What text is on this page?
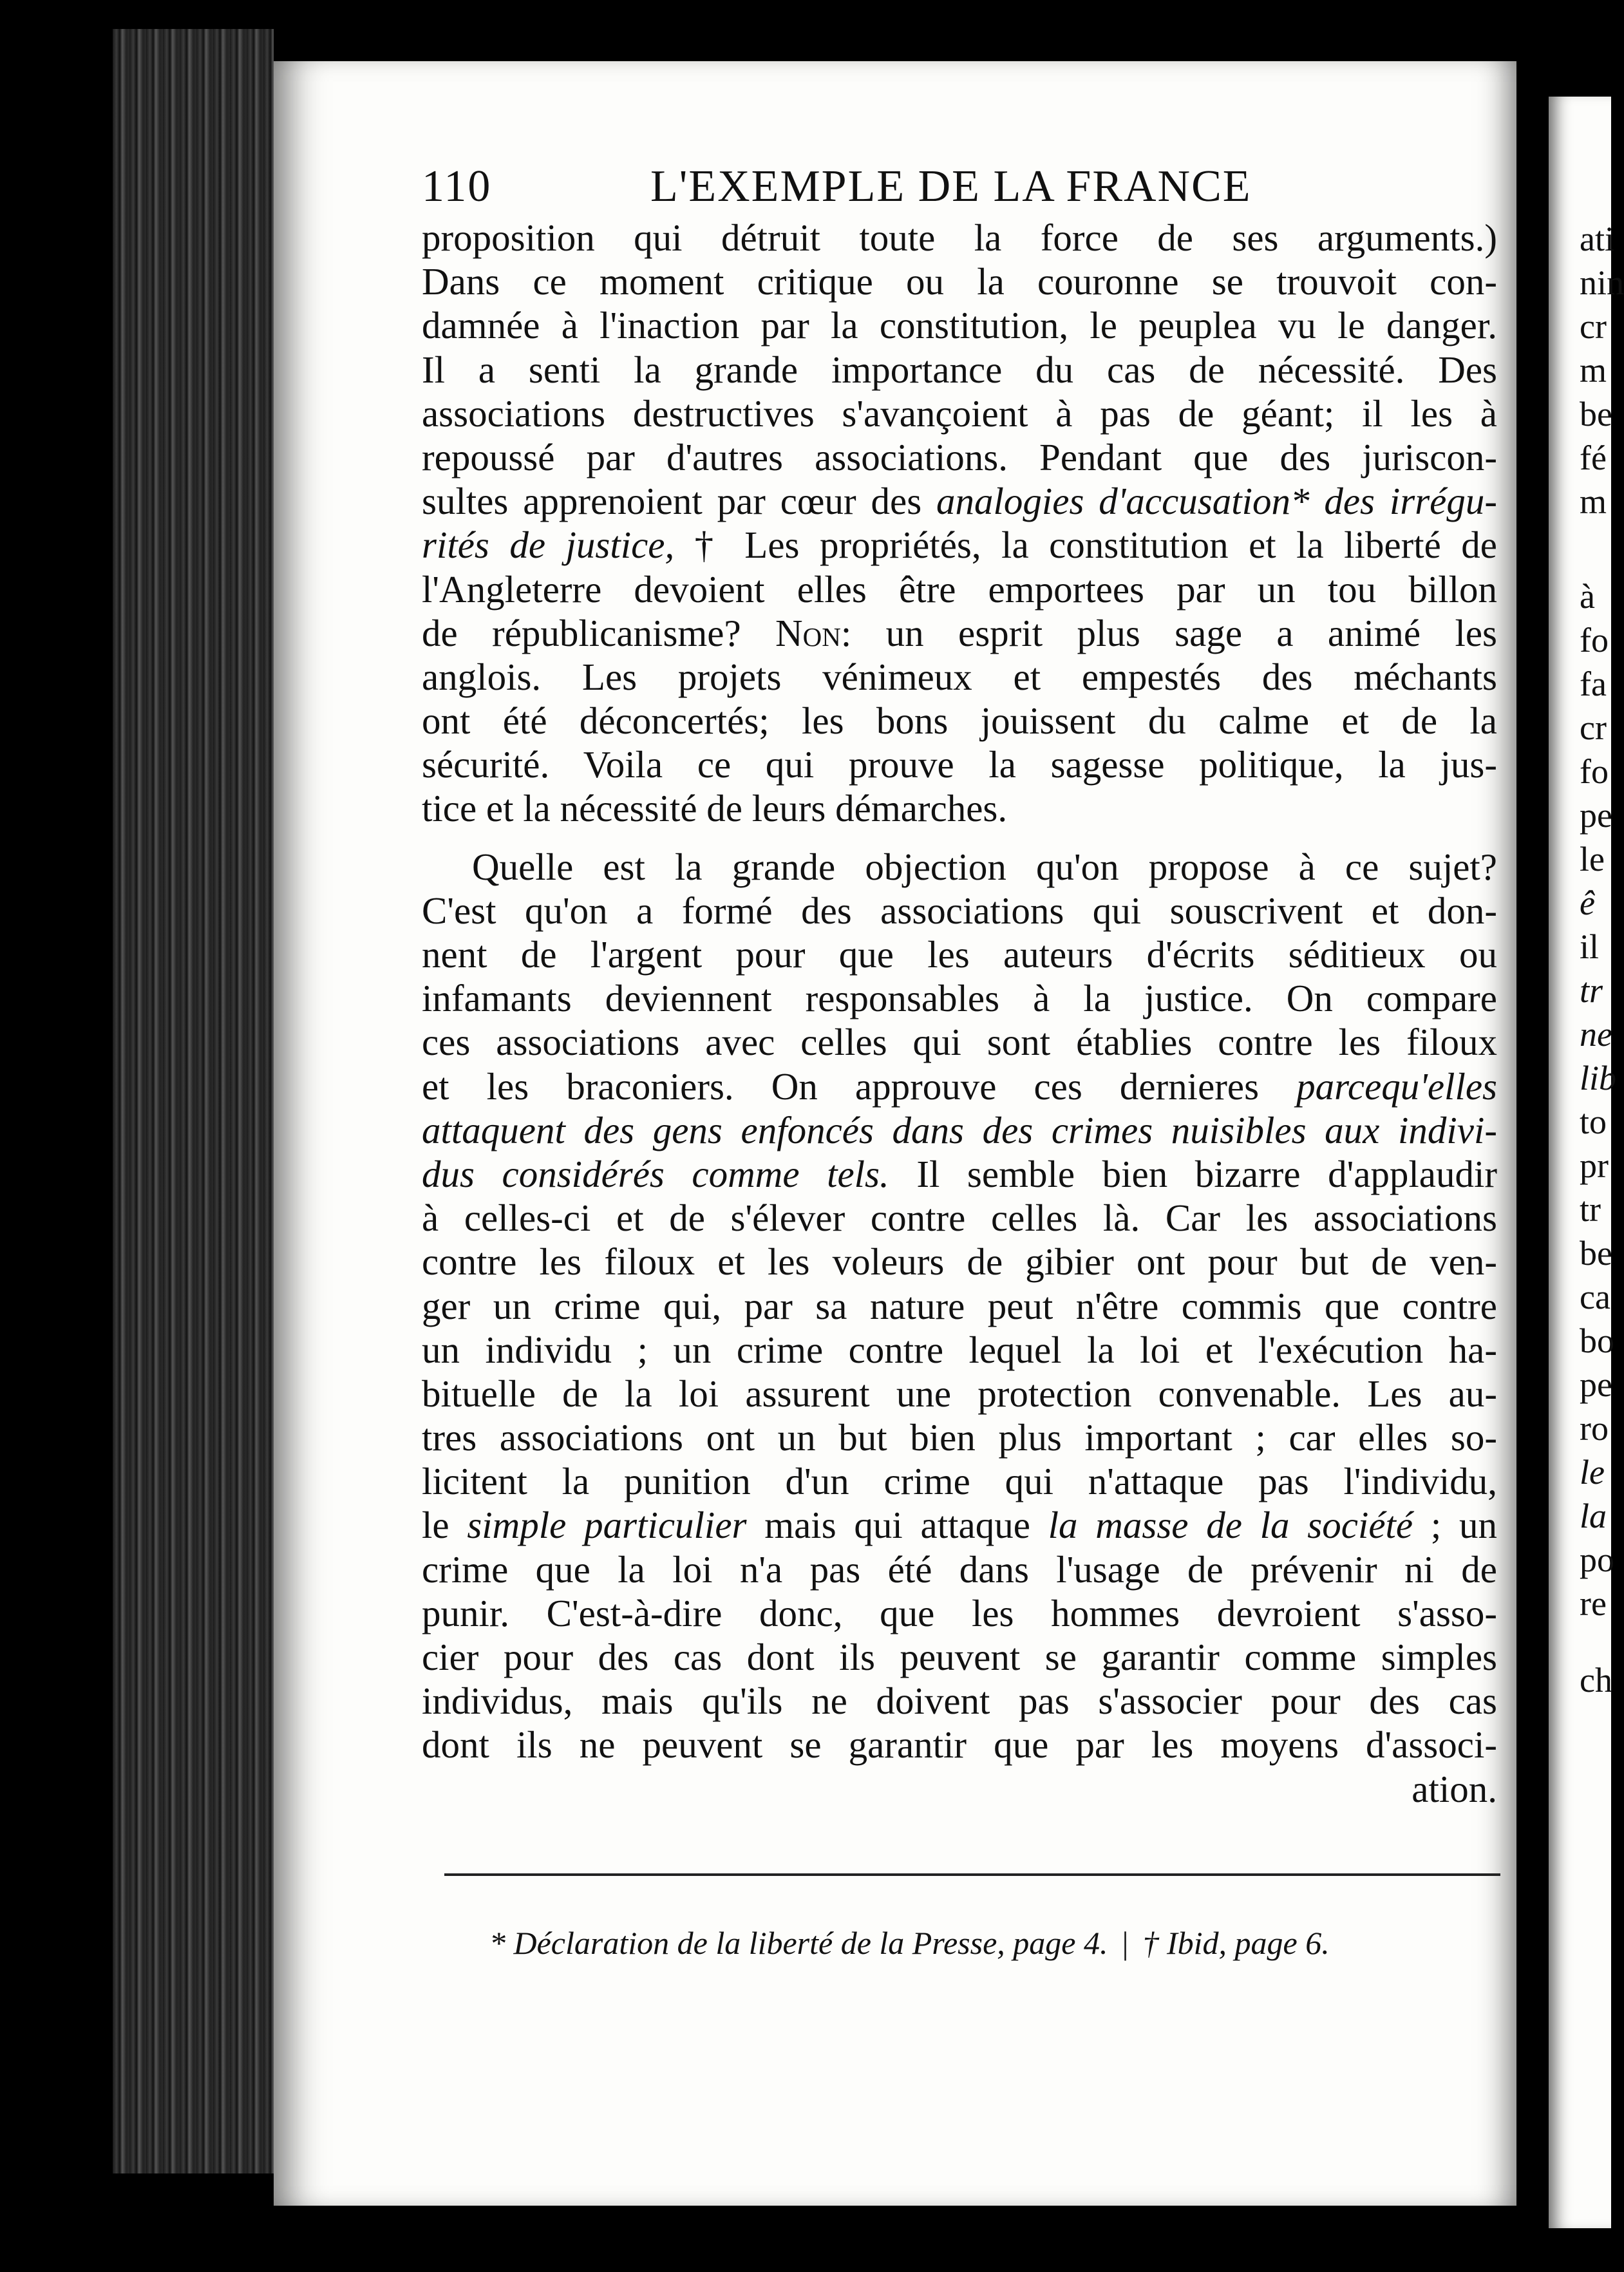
ati
nin
cr
m
be
fé
m
à
fo
fa
cr
fo
pe
le
ê
il
tr
ne
lib
to
pr
tr
be
ca
bo
pe
ro
le
la
po
re
ch
110	L'EXEMPLE DE LA FRANCE
proposition qui détruit toute la force de ses arguments.)
Dans ce moment critique ou la couronne se trouvoit con-
damnée à l'inaction par la constitution, le peuplea vu le danger.
Il a senti la grande importance du cas de nécessité. Des
associations destructives s'avançoient à pas de géant; il les à
repoussé par d'autres associations. Pendant que des juriscon-
sultes apprenoient par cœur des analogies d'accusation* des irrégu-
rités de justice, † Les propriétés, la constitution et la liberté de
l'Angleterre devoient elles être emportees par un tou billon
de républicanisme? Non: un esprit plus sage a animé les
anglois. Les projets vénimeux et empestés des méchants
ont été déconcertés; les bons jouissent du calme et de la
sécurité. Voila ce qui prouve la sagesse politique, la jus-
tice et la nécessité de leurs démarches.
Quelle est la grande objection qu'on propose à ce sujet?
C'est qu'on a formé des associations qui souscrivent et don-
nent de l'argent pour que les auteurs d'écrits séditieux ou
infamants deviennent responsables à la justice. On compare
ces associations avec celles qui sont établies contre les filoux
et les braconiers. On approuve ces dernieres parcequ'elles
attaquent des gens enfoncés dans des crimes nuisibles aux indivi-
dus considérés comme tels. Il semble bien bizarre d'applaudir
à celles-ci et de s'élever contre celles là. Car les associations
contre les filoux et les voleurs de gibier ont pour but de ven-
ger un crime qui, par sa nature peut n'être commis que contre
un individu ; un crime contre lequel la loi et l'exécution ha-
bituelle de la loi assurent une protection convenable. Les au-
tres associations ont un but bien plus important ; car elles so-
licitent la punition d'un crime qui n'attaque pas l'individu,
le simple particulier mais qui attaque la masse de la société ; un
crime que la loi n'a pas été dans l'usage de prévenir ni de
punir. C'est-à-dire donc, que les hommes devroient s'asso-
cier pour des cas dont ils peuvent se garantir comme simples
individus, mais qu'ils ne doivent pas s'associer pour des cas
dont ils ne peuvent se garantir que par les moyens d'associ-
ation.
* Déclaration de la liberté de la Presse, page 4. | † Ibid, page 6.
